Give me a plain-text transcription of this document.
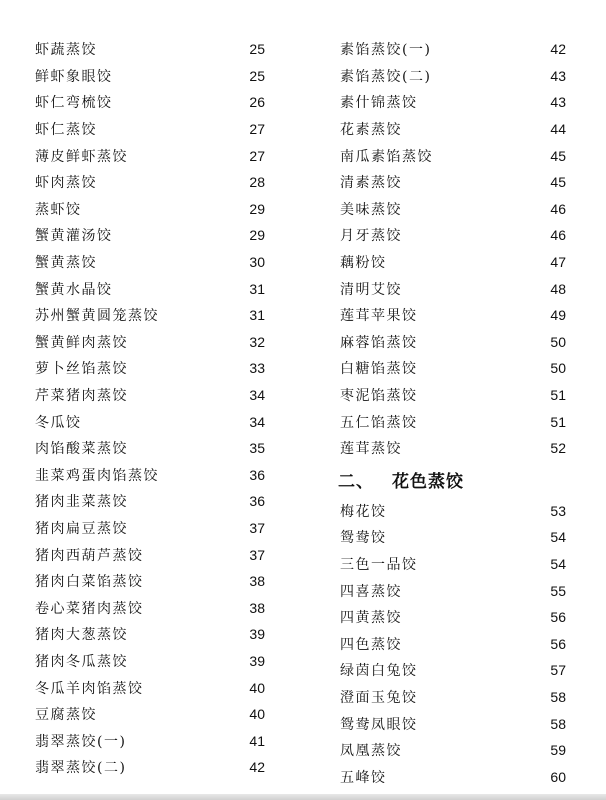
虾蔬蒸饺	25
鲜虾象眼饺	25
虾仁弯梳饺	26
虾仁蒸饺	27
薄皮鲜虾蒸饺	27
虾肉蒸饺	28
蒸虾饺	29
蟹黄灌汤饺	29
蟹黄蒸饺	30
蟹黄水晶饺	31
苏州蟹黄圆笼蒸饺	31
蟹黄鲜肉蒸饺	32
萝卜丝馅蒸饺	33
芹菜猪肉蒸饺	34
冬瓜饺	34
肉馅酸菜蒸饺	35
韭菜鸡蛋肉馅蒸饺	36
猪肉韭菜蒸饺	36
猪肉扁豆蒸饺	37
猪肉西葫芦蒸饺	37
猪肉白菜馅蒸饺	38
卷心菜猪肉蒸饺	38
猪肉大葱蒸饺	39
猪肉冬瓜蒸饺	39
冬瓜羊肉馅蒸饺	40
豆腐蒸饺	40
翡翠蒸饺(一)	41
翡翠蒸饺(二)	42
素馅蒸饺(一)	42
素馅蒸饺(二)	43
素什锦蒸饺	43
花素蒸饺	44
南瓜素馅蒸饺	45
清素蒸饺	45
美味蒸饺	46
月牙蒸饺	46
藕粉饺	47
清明艾饺	48
莲茸苹果饺	49
麻蓉馅蒸饺	50
白糖馅蒸饺	50
枣泥馅蒸饺	51
五仁馅蒸饺	51
莲茸蒸饺	52
二、 花色蒸饺
梅花饺	53
鸳鸯饺	54
三色一品饺	54
四喜蒸饺	55
四黄蒸饺	56
四色蒸饺	56
绿茵白兔饺	57
澄面玉兔饺	58
鸳鸯凤眼饺	58
凤凰蒸饺	59
五峰饺	60
